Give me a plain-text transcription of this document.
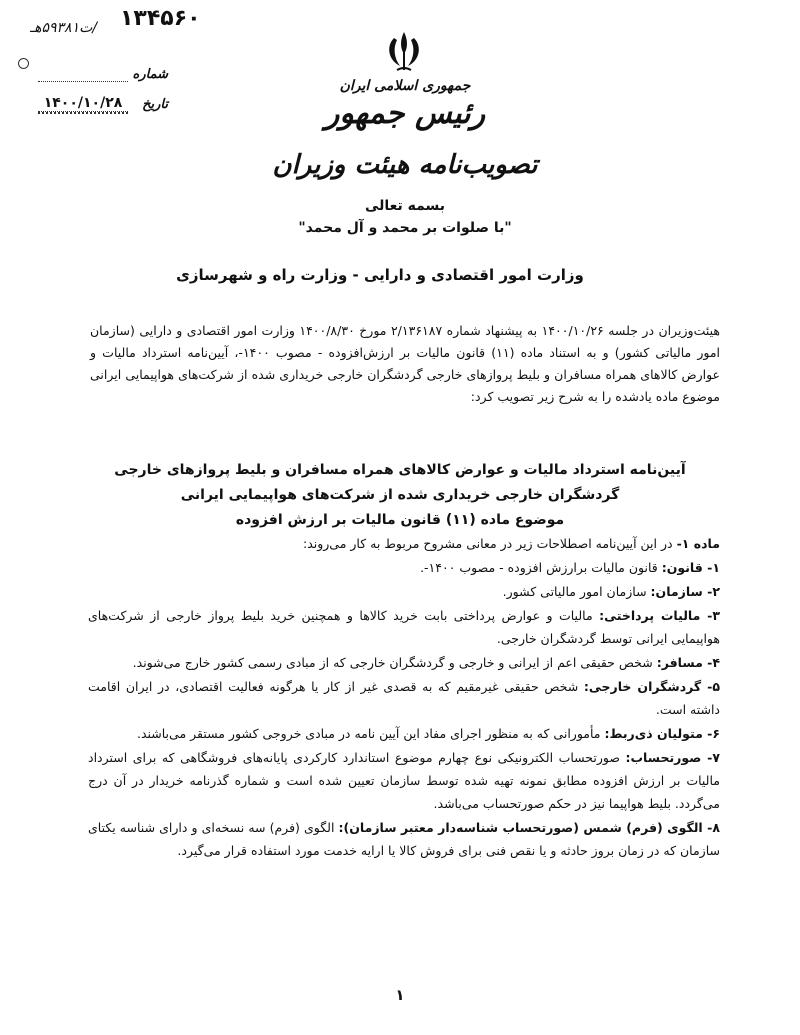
۱۳۴۵۶۰
شماره
تاریخ
۱۴۰۰/۱۰/۲۸
جمهوری اسلامی ایران
رئیس جمهور
تصویب‌نامه هیئت وزیران
بسمه تعالی
"با صلوات بر محمد و آل محمد"
وزارت امور اقتصادی و دارایی - وزارت راه و شهرسازی

هیئت‌وزیران در جلسه ۱۴۰۰/۱۰/۲۶ به پیشنهاد شماره ۲/۱۳۶۱۸۷ مورخ ۱۴۰۰/۸/۳۰ وزارت امور اقتصادی و دارایی (سازمان امور مالیاتی کشور) و به استناد ماده (۱۱) قانون مالیات بر ارزش‌افزوده - مصوب ۱۴۰۰-، آیین‌نامه استرداد مالیات و عوارض کالاهای همراه مسافران و بلیط پروازهای خارجی گردشگران خارجی خریداری شده از شرکت‌های هواپیمایی ایرانی موضوع ماده یادشده را به شرح زیر تصویب کرد:

آیین‌نامه استرداد مالیات و عوارض کالاهای همراه مسافران و بلیط پروازهای خارجی
گردشگران خارجی خریداری شده از شرکت‌های هواپیمایی ایرانی
موضوع ماده (۱۱) قانون مالیات بر ارزش افزوده

ماده ۱- در این آیین‌نامه اصطلاحات زیر در معانی مشروح مربوط به کار می‌روند:

۱- قانون: قانون مالیات برارزش افزوده - مصوب ۱۴۰۰-.

۲- سازمان: سازمان امور مالیاتی کشور.

۳- مالیات پرداختی: مالیات و عوارض پرداختی بابت خرید کالاها و همچنین خرید بلیط پرواز خارجی از شرکت‌های هواپیمایی ایرانی توسط گردشگران خارجی.

۴- مسافر: شخص حقیقی اعم از ایرانی و خارجی و گردشگران خارجی که از مبادی رسمی کشور خارج می‌شوند.

۵- گردشگران خارجی: شخص حقیقی غیرمقیم که به قصدی غیر از کار یا هرگونه فعالیت اقتصادی، در ایران اقامت داشته است.

۶- متولیان ذی‌ربط: مأمورانی که به منظور اجرای مفاد این آیین نامه در مبادی خروجی کشور مستقر می‌باشند.

۷- صورتحساب: صورتحساب الکترونیکی نوع چهارم موضوع استاندارد کارکردی پایانه‌های فروشگاهی که برای استرداد مالیات بر ارزش افزوده مطابق نمونه تهیه شده توسط سازمان تعیین شده است و شماره گذرنامه خریدار در آن درج می‌گردد. بلیط هواپیما نیز در حکم صورتحساب می‌باشد.

۸- الگوی (فرم) شمس (صورتحساب شناسه‌دار معتبر سازمان): الگوی (فرم) سه نسخه‌ای و دارای شناسه یکتای سازمان که در زمان بروز حادثه و یا نقص فنی برای فروش کالا یا ارایه خدمت مورد استفاده قرار می‌گیرد.

۱
/ت۵۹۳۸۱هـ
